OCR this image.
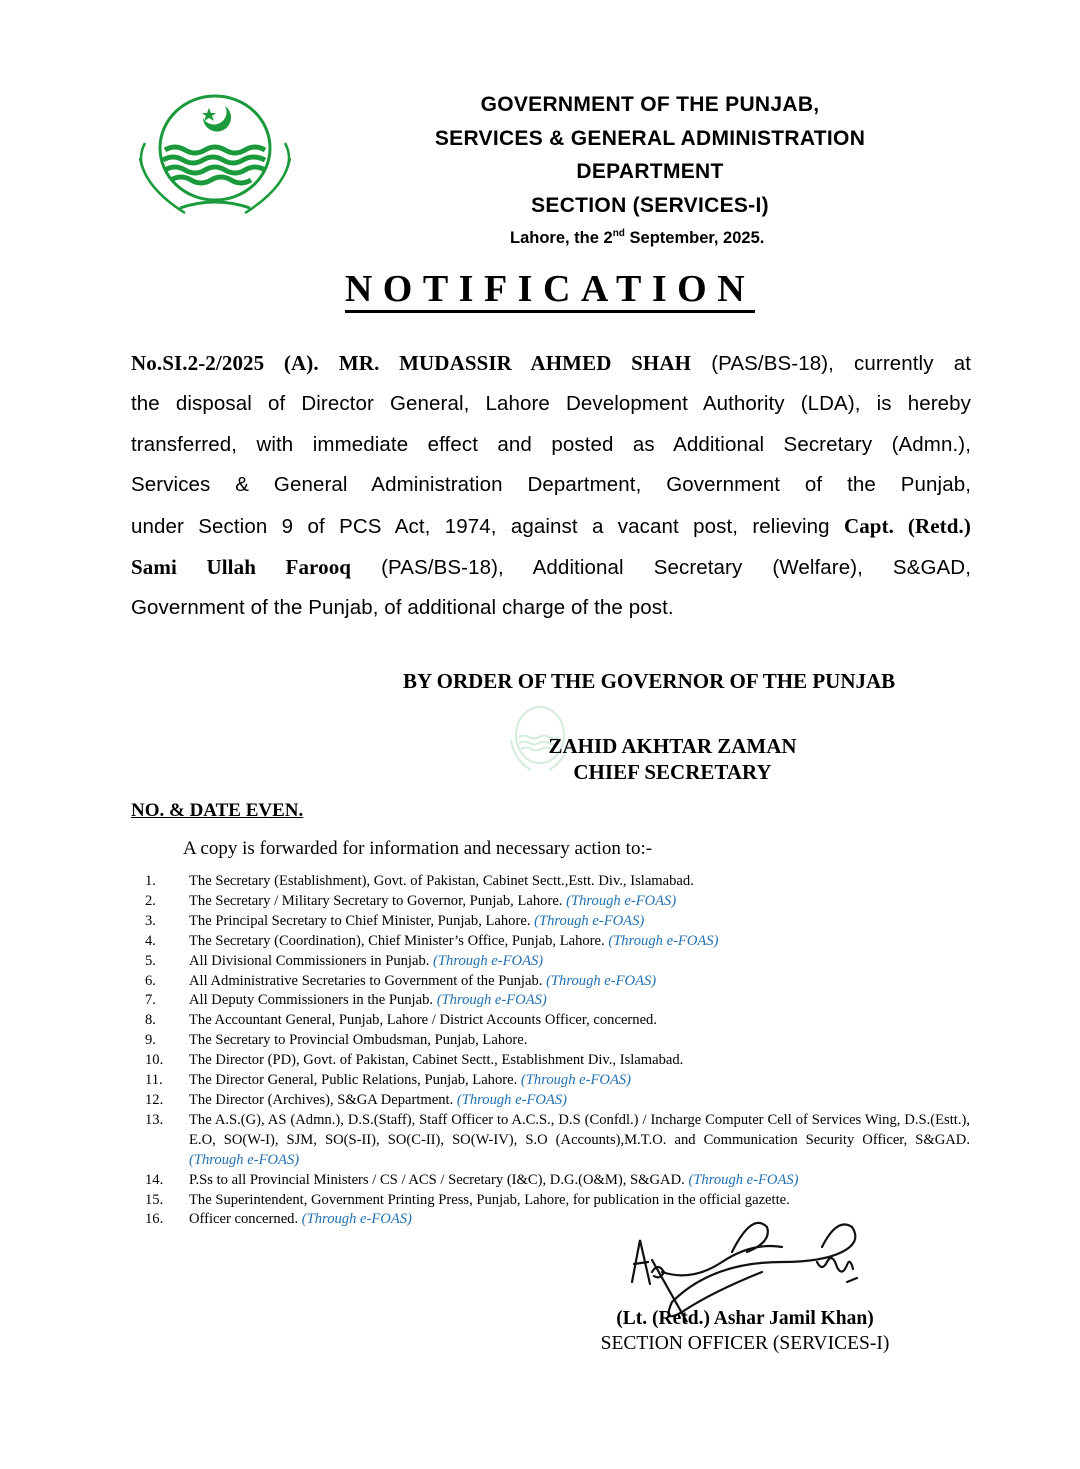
GOVERNMENT OF THE PUNJAB,
SERVICES & GENERAL ADMINISTRATION
DEPARTMENT
SECTION (SERVICES-I)
Lahore, the 2nd September, 2025.
NOTIFICATION
No.SI.2-2/2025 (A). MR. MUDASSIR AHMED SHAH (PAS/BS-18), currently at
the disposal of Director General, Lahore Development Authority (LDA), is hereby
transferred, with immediate effect and posted as Additional Secretary (Admn.),
Services & General Administration Department, Government of the Punjab,
under Section 9 of PCS Act, 1974, against a vacant post, relieving Capt. (Retd.)
Sami Ullah Farooq (PAS/BS-18), Additional Secretary (Welfare), S&GAD,
Government of the Punjab, of additional charge of the post.
BY ORDER OF THE GOVERNOR OF THE PUNJAB
ZAHID AKHTAR ZAMAN
CHIEF SECRETARY
NO. & DATE EVEN.
A copy is forwarded for information and necessary action to:-
1.	The Secretary (Establishment), Govt. of Pakistan, Cabinet Sectt.,Estt. Div., Islamabad.
2.	The Secretary / Military Secretary to Governor, Punjab, Lahore. (Through e-FOAS)
3.	The Principal Secretary to Chief Minister, Punjab, Lahore. (Through e-FOAS)
4.	The Secretary (Coordination), Chief Minister’s Office, Punjab, Lahore. (Through e-FOAS)
5.	All Divisional Commissioners in Punjab. (Through e-FOAS)
6.	All Administrative Secretaries to Government of the Punjab. (Through e-FOAS)
7.	All Deputy Commissioners in the Punjab. (Through e-FOAS)
8.	The Accountant General, Punjab, Lahore / District Accounts Officer, concerned.
9.	The Secretary to Provincial Ombudsman, Punjab, Lahore.
10.	The Director (PD), Govt. of Pakistan, Cabinet Sectt., Establishment Div., Islamabad.
11.	The Director General, Public Relations, Punjab, Lahore. (Through e-FOAS)
12.	The Director (Archives), S&GA Department. (Through e-FOAS)
13.	The A.S.(G), AS (Admn.), D.S.(Staff), Staff Officer to A.C.S., D.S (Confdl.) / Incharge Computer Cell of Services Wing, D.S.(Estt.), E.O, SO(W-I), SJM, SO(S-II), SO(C-II), SO(W-IV), S.O (Accounts),M.T.O. and Communication Security Officer, S&GAD. (Through e-FOAS)
14.	P.Ss to all Provincial Ministers / CS / ACS / Secretary (I&C), D.G.(O&M), S&GAD. (Through e-FOAS)
15.	The Superintendent, Government Printing Press, Punjab, Lahore, for publication in the official gazette.
16.	Officer concerned. (Through e-FOAS)
(Lt. (Retd.) Ashar Jamil Khan)
SECTION OFFICER (SERVICES-I)
